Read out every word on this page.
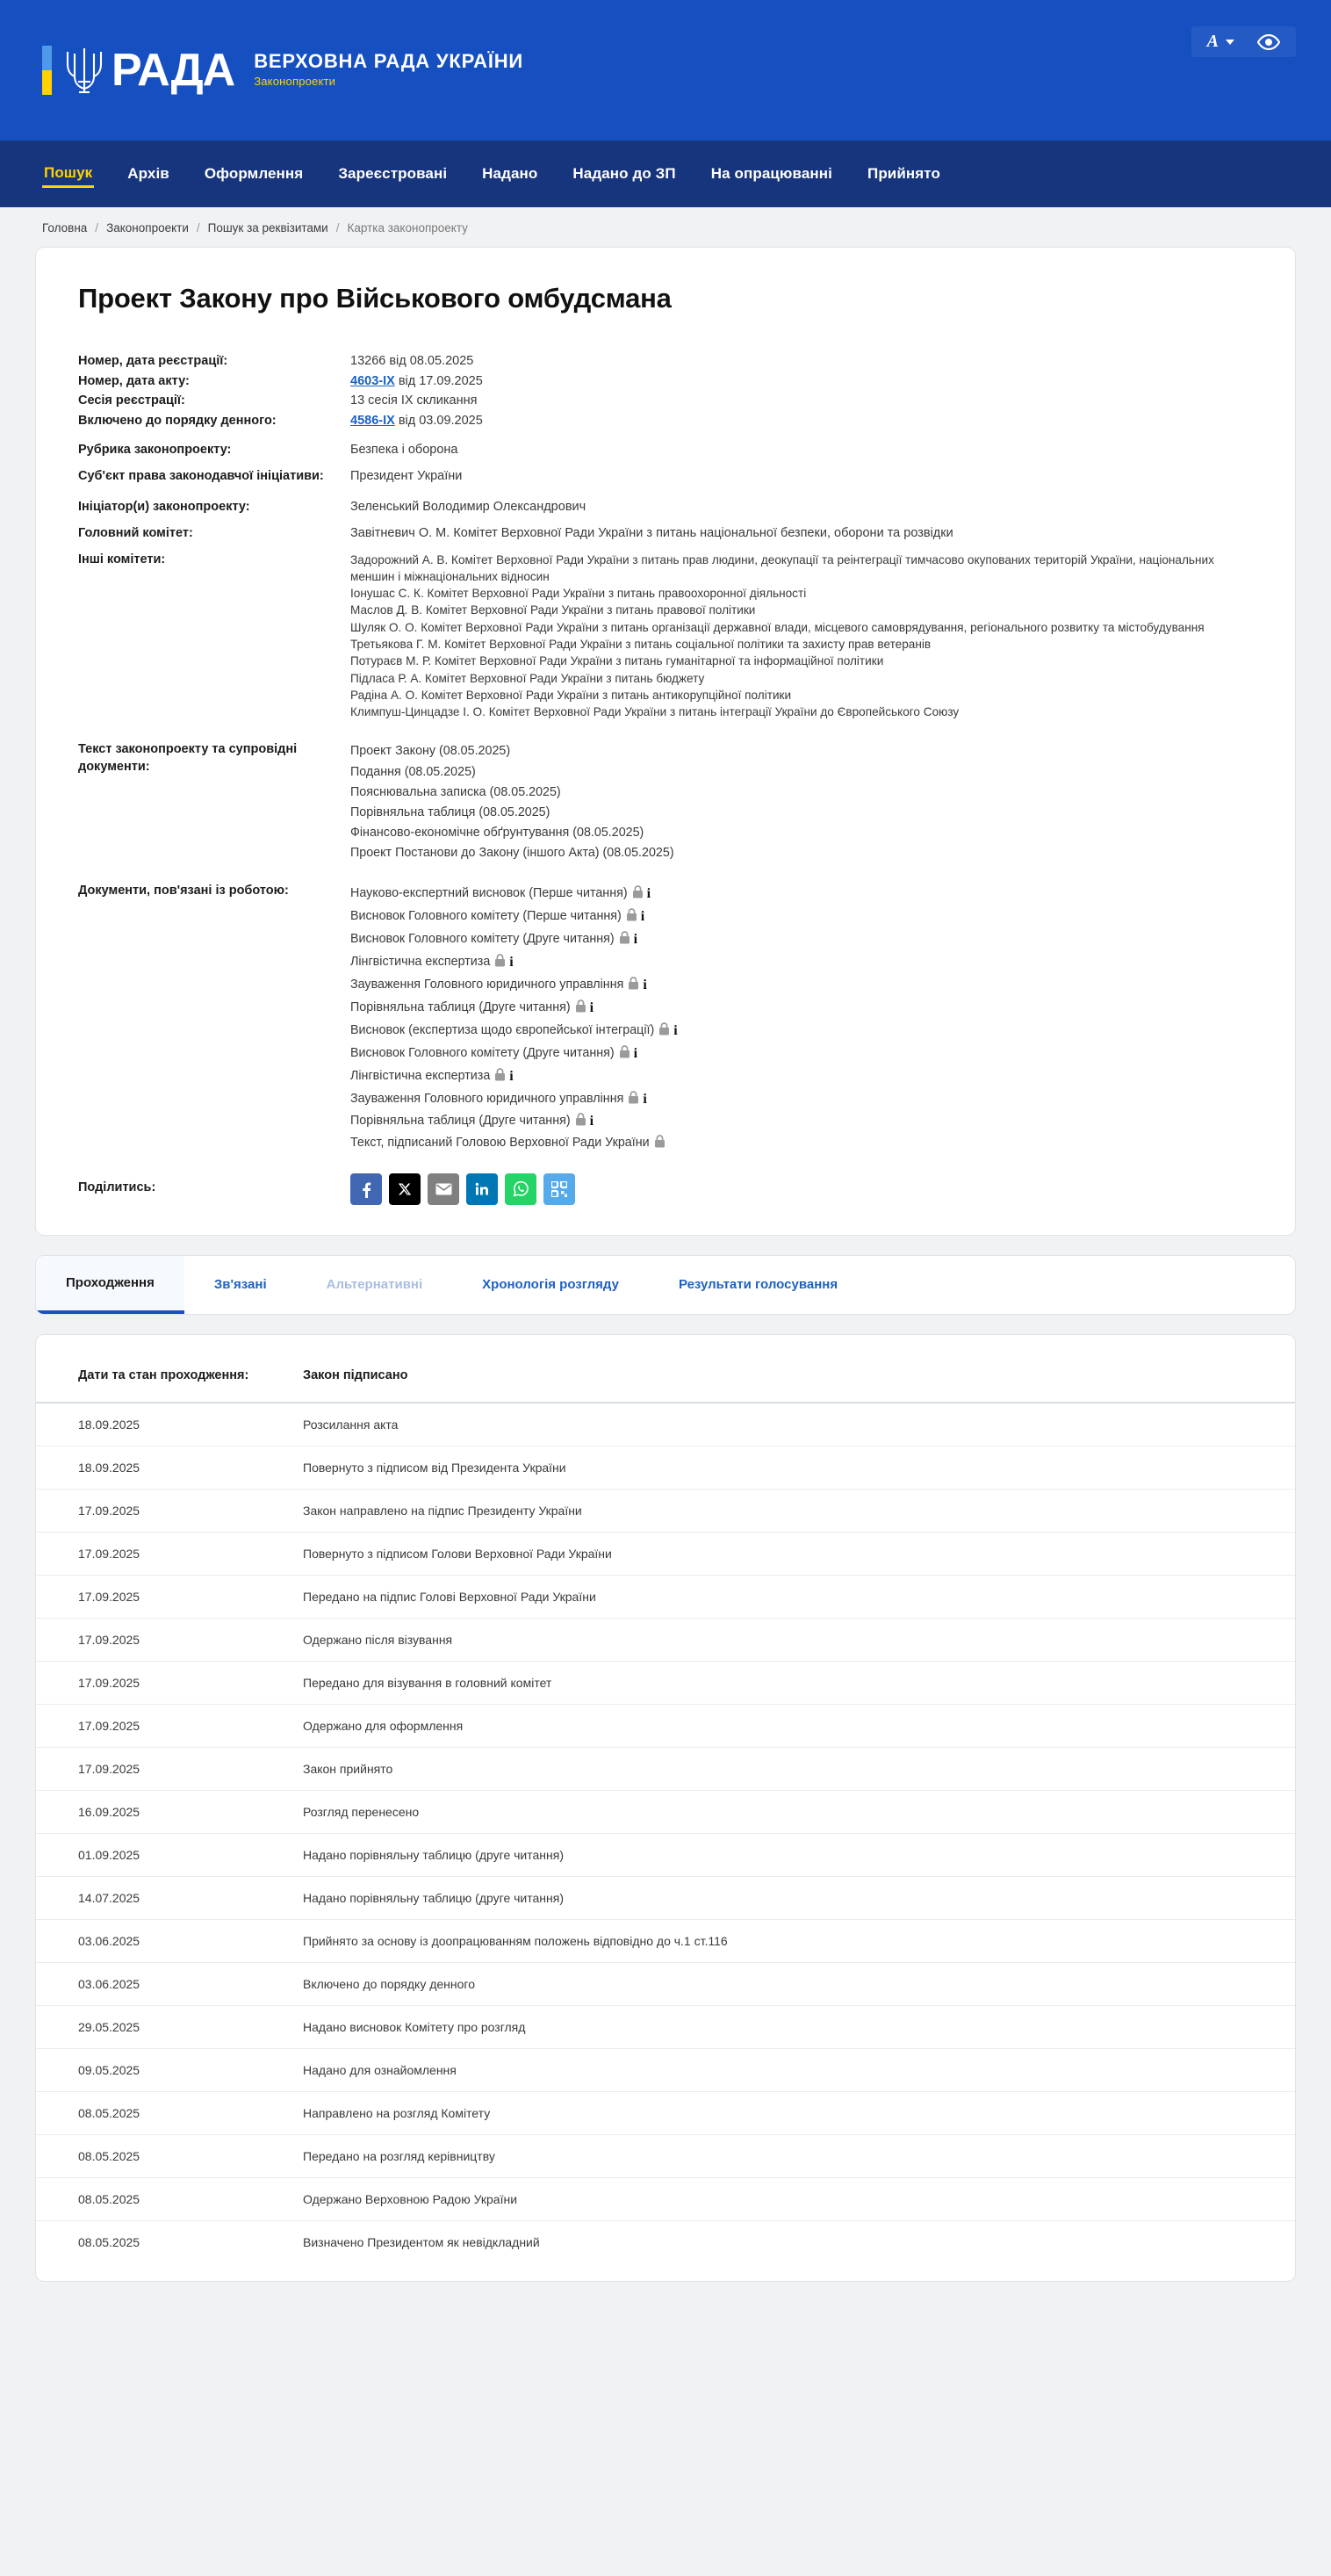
РАДА ВЕРХОВНА РАДА УКРАЇНИ
Законопроекти
A
Пошук Архів Оформлення Зареєстровані Надано Надано до ЗП На опрацюванні Прийнято
Головна / Законопроекти / Пошук за реквізитами / Картка законопроекту
Проект Закону про Військового омбудсмана
Номер, дата реєстрації:	13266 від 08.05.2025
Номер, дата акту:	4603-IX від 17.09.2025
Сесія реєстрації:	13 сесія IX скликання
Включено до порядку денного:	4586-IX від 03.09.2025
Рубрика законопроекту:	Безпека і оборона
Суб'єкт права законодавчої ініціативи:	Президент України
Ініціатор(и) законопроекту:	Зеленський Володимир Олександрович
Головний комітет:	Завітневич О. М. Комітет Верховної Ради України з питань національної безпеки, оборони та розвідки
Інші комітети:	Задорожний А. В. Комітет Верховної Ради України з питань прав людини, деокупації та реінтеграції тимчасово окупованих територій України, національних меншин і міжнаціональних відносин
Іонушас С. К. Комітет Верховної Ради України з питань правоохоронної діяльності
Маслов Д. В. Комітет Верховної Ради України з питань правової політики
Шуляк О. О. Комітет Верховної Ради України з питань організації державної влади, місцевого самоврядування, регіонального розвитку та містобудування
Третьякова Г. М. Комітет Верховної Ради України з питань соціальної політики та захисту прав ветеранів
Потураєв М. Р. Комітет Верховної Ради України з питань гуманітарної та інформаційної політики
Підласа Р. А. Комітет Верховної Ради України з питань бюджету
Радіна А. О. Комітет Верховної Ради України з питань антикорупційної політики
Климпуш-Цинцадзе І. О. Комітет Верховної Ради України з питань інтеграції України до Європейського Союзу
Текст законопроекту та супровідні документи:
Проект Закону (08.05.2025)
Подання (08.05.2025)
Пояснювальна записка (08.05.2025)
Порівняльна таблиця (08.05.2025)
Фінансово-економічне обґрунтування (08.05.2025)
Проект Постанови до Закону (іншого Акта) (08.05.2025)
Документи, пов'язані із роботою:	Науково-експертний висновок (Перше читання) i
Висновок Головного комітету (Перше читання) i
Висновок Головного комітету (Друге читання) i
Лінгвістична експертиза i
Зауваження Головного юридичного управління i
Порівняльна таблиця (Друге читання) i
Висновок (експертиза щодо європейської інтеграції) i
Висновок Головного комітету (Друге читання) i
Лінгвістична експертиза i
Зауваження Головного юридичного управління i
Порівняльна таблиця (Друге читання) i
Текст, підписаний Головою Верховної Ради України
Поділитись:
Проходження	Зв'язані	Альтернативні	Хронологія розгляду	Результати голосування
Дати та стан проходження:	Закон підписано
18.09.2025	Розсилання акта
18.09.2025	Повернуто з підписом від Президента України
17.09.2025	Закон направлено на підпис Президенту України
17.09.2025	Повернуто з підписом Голови Верховної Ради України
17.09.2025	Передано на підпис Голові Верховної Ради України
17.09.2025	Одержано після візування
17.09.2025	Передано для візування в головний комітет
17.09.2025	Одержано для оформлення
17.09.2025	Закон прийнято
16.09.2025	Розгляд перенесено
01.09.2025	Надано порівняльну таблицю (друге читання)
14.07.2025	Надано порівняльну таблицю (друге читання)
03.06.2025	Прийнято за основу із доопрацюванням положень відповідно до ч.1 ст.116
03.06.2025	Включено до порядку денного
29.05.2025	Надано висновок Комітету про розгляд
09.05.2025	Надано для ознайомлення
08.05.2025	Направлено на розгляд Комітету
08.05.2025	Передано на розгляд керівництву
08.05.2025	Одержано Верховною Радою України
08.05.2025	Визначено Президентом як невідкладний
